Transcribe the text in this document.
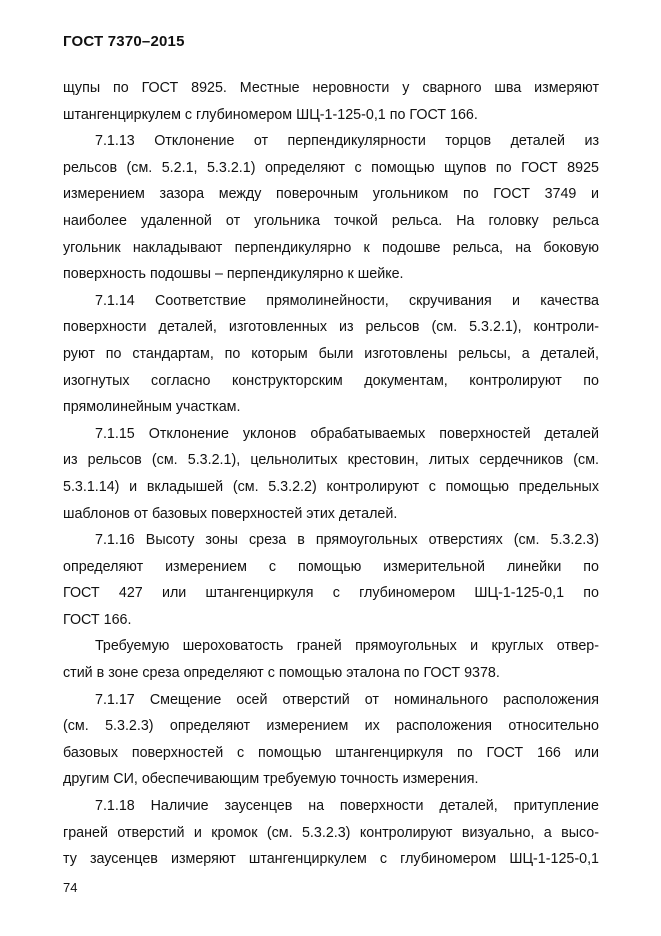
ГОСТ 7370–2015
щупы по ГОСТ 8925. Местные неровности у сварного шва измеряют
штангенциркулем с глубиномером ШЦ-1-125-0,1 по ГОСТ 166.
7.1.13 Отклонение от перпендикулярности торцов деталей из
рельсов (см. 5.2.1, 5.3.2.1) определяют с помощью щупов по ГОСТ 8925
измерением зазора между поверочным угольником по ГОСТ 3749 и
наиболее удаленной от угольника точкой рельса. На головку рельса
угольник накладывают перпендикулярно к подошве рельса, на боковую
поверхность подошвы – перпендикулярно к шейке.
7.1.14 Соответствие прямолинейности, скручивания и качества
поверхности деталей, изготовленных из рельсов (см. 5.3.2.1), контроли-
руют по стандартам, по которым были изготовлены рельсы, а деталей,
изогнутых согласно конструкторским документам, контролируют по
прямолинейным участкам.
7.1.15 Отклонение уклонов обрабатываемых поверхностей деталей
из рельсов (см. 5.3.2.1), цельнолитых крестовин, литых сердечников (см.
5.3.1.14) и вкладышей (см. 5.3.2.2) контролируют с помощью предельных
шаблонов от базовых поверхностей этих деталей.
7.1.16 Высоту зоны среза в прямоугольных отверстиях (см. 5.3.2.3)
определяют измерением с помощью измерительной линейки по
ГОСТ 427 или штангенциркуля с глубиномером ШЦ-1-125-0,1 по
ГОСТ 166.
Требуемую шероховатость граней прямоугольных и круглых отвер-
стий в зоне среза определяют с помощью эталона по ГОСТ 9378.
7.1.17 Смещение осей отверстий от номинального расположения
(см. 5.3.2.3) определяют измерением их расположения относительно
базовых поверхностей с помощью штангенциркуля по ГОСТ 166 или
другим СИ, обеспечивающим требуемую точность измерения.
7.1.18 Наличие заусенцев на поверхности деталей, притупление
граней отверстий и кромок (см. 5.3.2.3) контролируют визуально, а высо-
ту заусенцев измеряют штангенциркулем с глубиномером ШЦ-1-125-0,1
74
